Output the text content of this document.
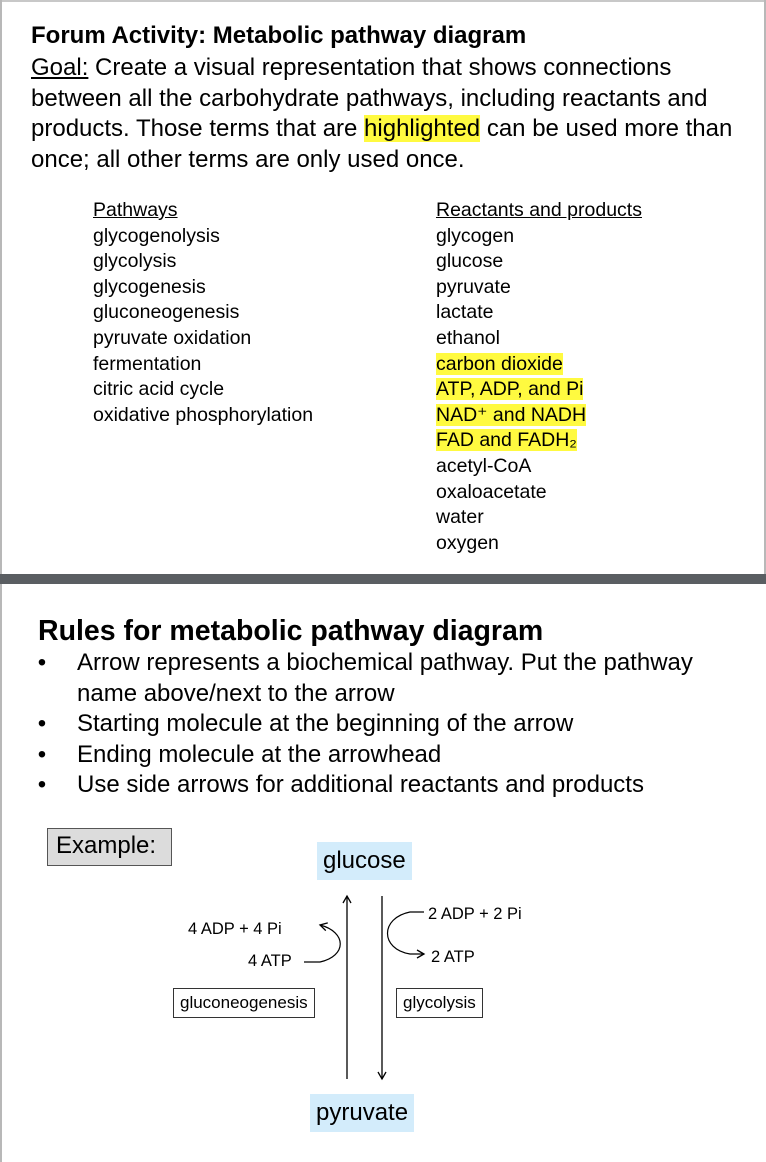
Forum Activity: Metabolic pathway diagram
Goal: Create a visual representation that shows connections between all the carbohydrate pathways, including reactants and products. Those terms that are highlighted can be used more than once; all other terms are only used once.
Pathways
glycogenolysis
glycolysis
glycogenesis
gluconeogenesis
pyruvate oxidation
fermentation
citric acid cycle
oxidative phosphorylation
Reactants and products
glycogen
glucose
pyruvate
lactate
ethanol
carbon dioxide
ATP, ADP, and Pi
NAD⁺ and NADH
FAD and FADH₂
acetyl-CoA
oxaloacetate
water
oxygen
Rules for metabolic pathway diagram
• Arrow represents a biochemical pathway. Put the pathway name above/next to the arrow
• Starting molecule at the beginning of the arrow
• Ending molecule at the arrowhead
• Use side arrows for additional reactants and products
Example:
glucose
pyruvate
4 ADP + 4 Pi
4 ATP
2 ADP + 2 Pi
2 ATP
gluconeogenesis	glycolysis
